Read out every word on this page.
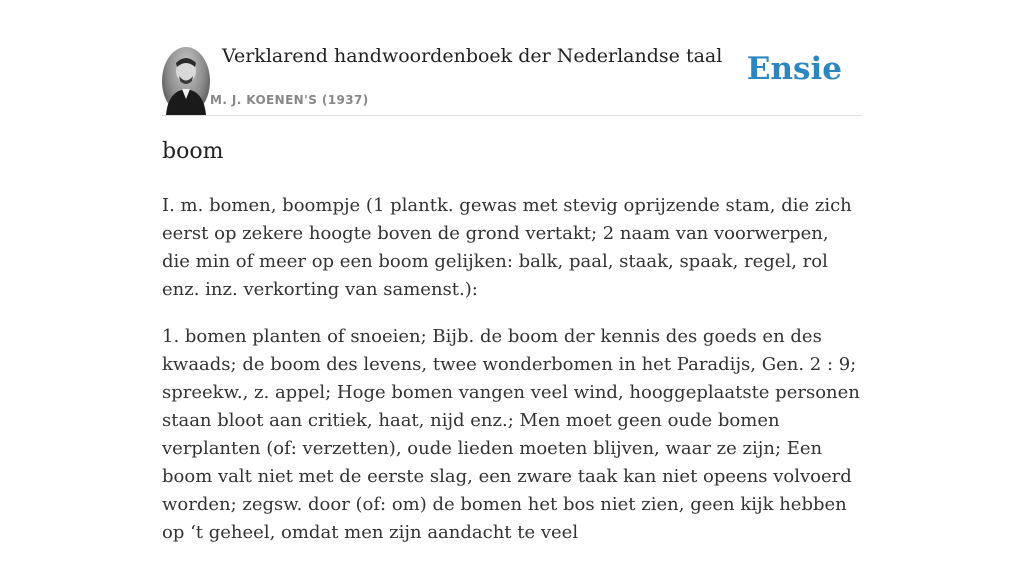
Verklarend handwoordenboek der Nederlandse taal
M. J. KOENEN'S (1937)
Ensie
boom

I. m. bomen, boompje (1 plantk. gewas met stevig oprijzende stam, die zich eerst op zekere hoogte boven de grond vertakt; 2 naam van voorwerpen, die min of meer op een boom gelijken: balk, paal, staak, spaak, regel, rol enz. inz. verkorting van samenst.):

1. bomen planten of snoeien; Bijb. de boom der kennis des goeds en des kwaads; de boom des levens, twee wonderbomen in het Paradijs, Gen. 2 : 9; spreekw., z. appel; Hoge bomen vangen veel wind, hooggeplaatste personen staan bloot aan critiek, haat, nijd enz.; Men moet geen oude bomen verplanten (of: verzetten), oude lieden moeten blijven, waar ze zijn; Een boom valt niet met de eerste slag, een zware taak kan niet opeens volvoerd worden; zegsw. door (of: om) de bomen het bos niet zien, geen kijk hebben op ‘t geheel, omdat men zijn aandacht te veel
